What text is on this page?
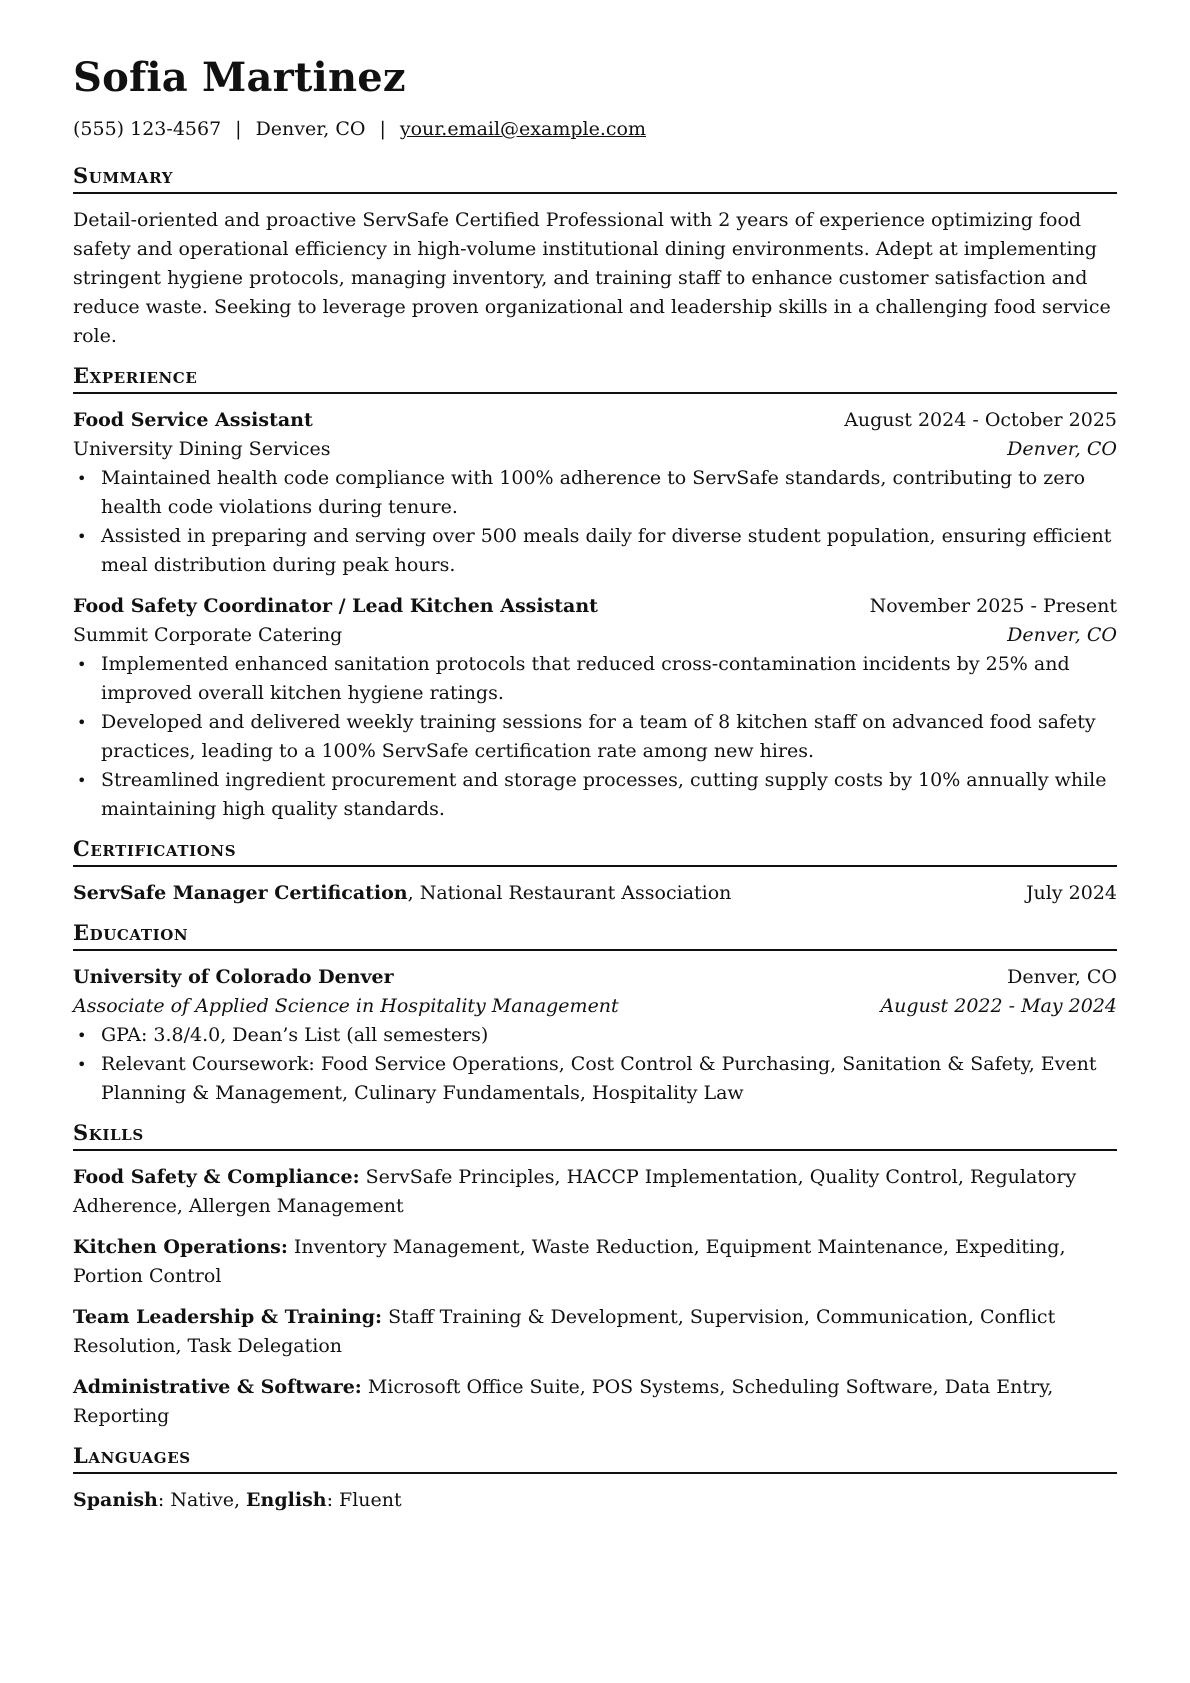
Sofia Martinez
(555) 123-4567 | Denver, CO | your.email@example.com
Summary

Detail-oriented and proactive ServSafe Certified Professional with 2 years of experience optimizing food safety and operational efficiency in high-volume institutional dining environments. Adept at implementing stringent hygiene protocols, managing inventory, and training staff to enhance customer satisfaction and reduce waste. Seeking to leverage proven organizational and leadership skills in a challenging food service role.

Experience
Food Service Assistant	August 2024 - October 2025
University Dining Services	Denver, CO
• Maintained health code compliance with 100% adherence to ServSafe standards, contributing to zero health code violations during tenure.
• Assisted in preparing and serving over 500 meals daily for diverse student population, ensuring efficient meal distribution during peak hours.
Food Safety Coordinator / Lead Kitchen Assistant	November 2025 - Present
Summit Corporate Catering	Denver, CO
• Implemented enhanced sanitation protocols that reduced cross-contamination incidents by 25% and improved overall kitchen hygiene ratings.
• Developed and delivered weekly training sessions for a team of 8 kitchen staff on advanced food safety practices, leading to a 100% ServSafe certification rate among new hires.
• Streamlined ingredient procurement and storage processes, cutting supply costs by 10% annually while maintaining high quality standards.
Certifications
ServSafe Manager Certification, National Restaurant Association	July 2024
Education
University of Colorado Denver	Denver, CO
Associate of Applied Science in Hospitality Management	August 2022 - May 2024
• GPA: 3.8/4.0, Dean’s List (all semesters)
• Relevant Coursework: Food Service Operations, Cost Control & Purchasing, Sanitation & Safety, Event Planning & Management, Culinary Fundamentals, Hospitality Law
Skills
Food Safety & Compliance: ServSafe Principles, HACCP Implementation, Quality Control, Regulatory Adherence, Allergen Management
Kitchen Operations: Inventory Management, Waste Reduction, Equipment Maintenance, Expediting, Portion Control
Team Leadership & Training: Staff Training & Development, Supervision, Communication, Conflict Resolution, Task Delegation
Administrative & Software: Microsoft Office Suite, POS Systems, Scheduling Software, Data Entry, Reporting
Languages
Spanish: Native, English: Fluent
